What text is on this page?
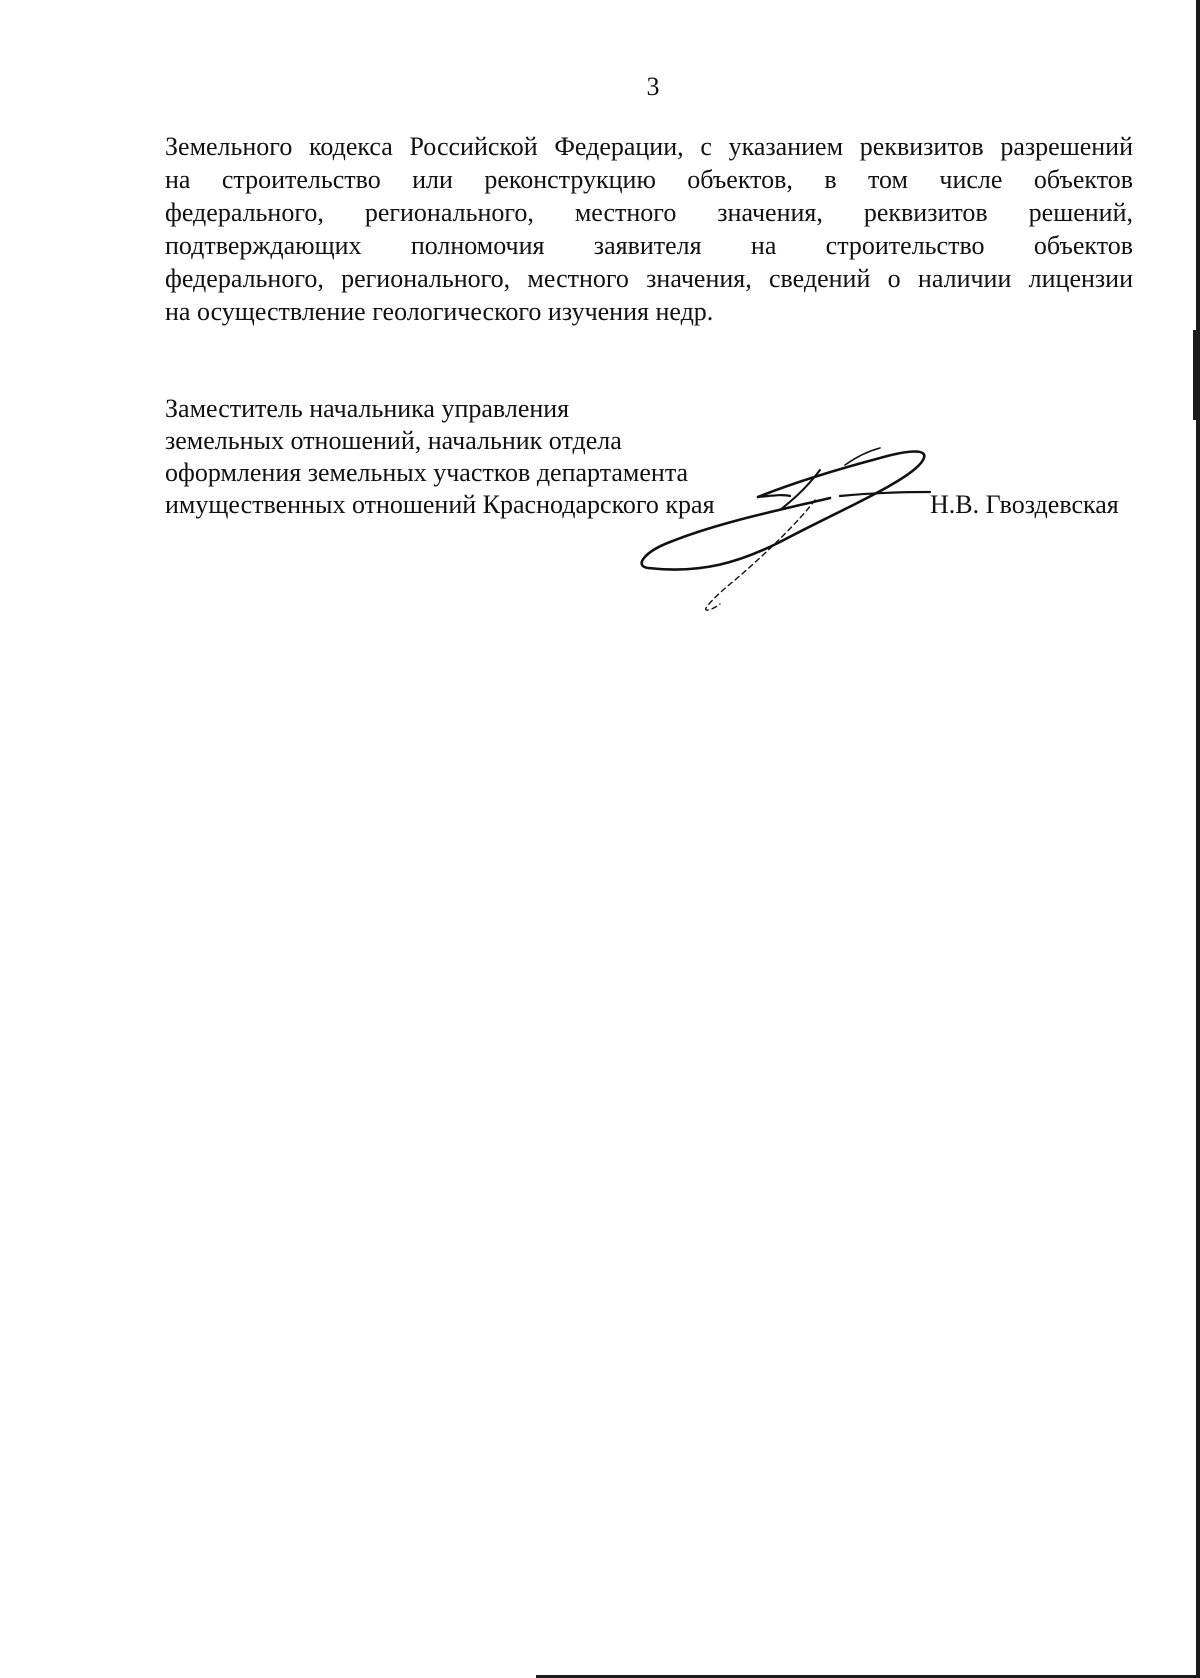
3
Земельного кодекса Российской Федерации, с указанием реквизитов разрешений
на строительство или реконструкцию объектов, в том числе объектов
федерального, регионального, местного значения, реквизитов решений,
подтверждающих полномочия заявителя на строительство объектов
федерального, регионального, местного значения, сведений о наличии лицензии
на осуществление геологического изучения недр.
Заместитель начальника управления
земельных отношений, начальник отдела
оформления земельных участков департамента
имущественных отношений Краснодарского края	Н.В. Гвоздевская
